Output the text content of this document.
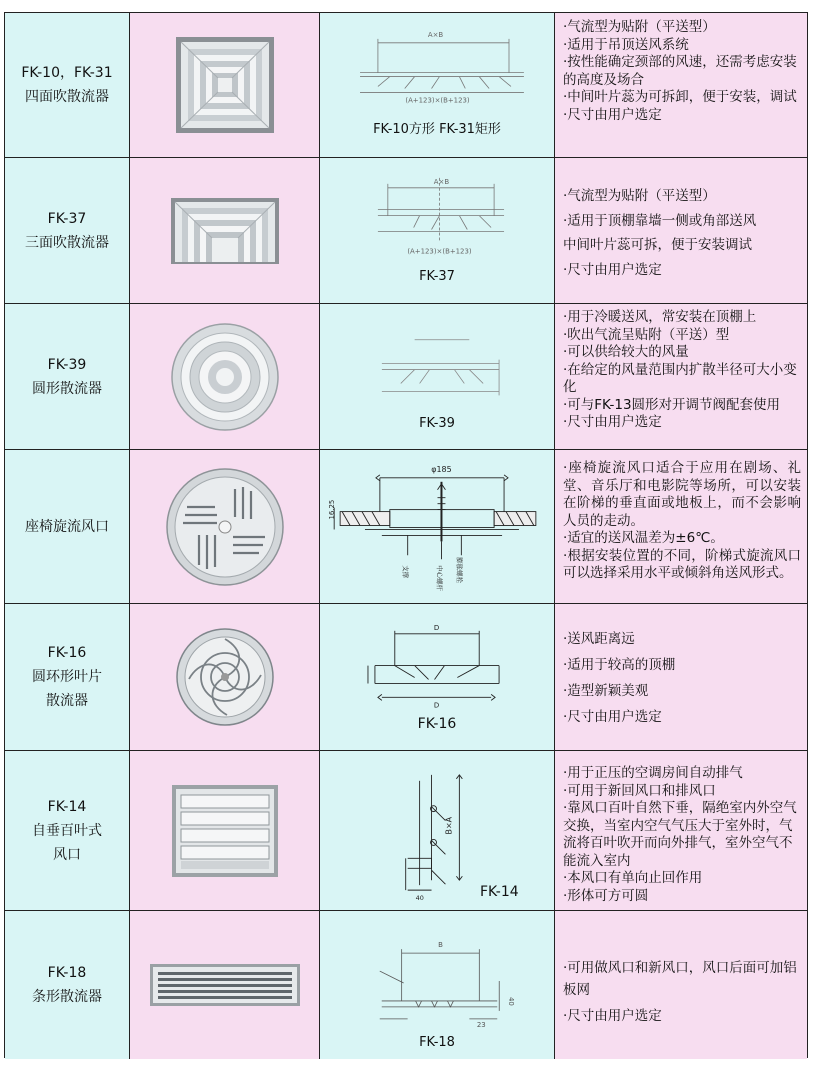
FK-10，FK-31
四面吹散流器
A×B
(A+123)×(B+123)
FK-10方形 FK-31矩形

·气流型为贴附（平送型）

·适用于吊顶送风系统

·按性能确定颈部的风速，还需考虑安装的高度及场合

·中间叶片蕊为可拆卸，便于安装，调试

·尺寸由用户选定

FK-37
三面吹散流器
A×B
(A+123)×(B+123)
FK-37

·气流型为贴附（平送型）

·适用于顶棚靠墙一侧或角部送风

中间叶片蕊可拆，便于安装调试

·尺寸由用户选定

FK-39
圆形散流器
FK-39

·用于冷暖送风，常安装在顶棚上

·吹出气流呈贴附（平送）型

·可以供给较大的风量

·在给定的风量范围内扩散半径可大小变化

·可与FK-13圆形对开调节阀配套使用

·尺寸由用户选定

座椅旋流风口
φ185
16.25
支撑	中心螺杆 膨胀螺栓

·座椅旋流风口适合于应用在剧场、礼堂、音乐厅和电影院等场所，可以安装在阶梯的垂直面或地板上，而不会影响人员的走动。

·适宜的送风温差为±6℃。

·根据安装位置的不同，阶梯式旋流风口可以选择采用水平或倾斜角送风形式。

FK-16
圆环形叶片
散流器
D
D
FK-16

·送风距离远

·适用于较高的顶棚

·造型新颖美观

·尺寸由用户选定

FK-14
自垂百叶式
风口
B×A
40	FK-14

·用于正压的空调房间自动排气

·可用于新回风口和排风口

·靠风口百叶自然下垂，隔绝室内外空气交换，当室内空气气压大于室外时，气流将百叶吹开而向外排气，室外空气不能流入室内

·本风口有单向止回作用

·形体可方可圆

FK-18
条形散流器
B
40
23
FK-18

·可用做风口和新风口，风口后面可加铝板网

·尺寸由用户选定
